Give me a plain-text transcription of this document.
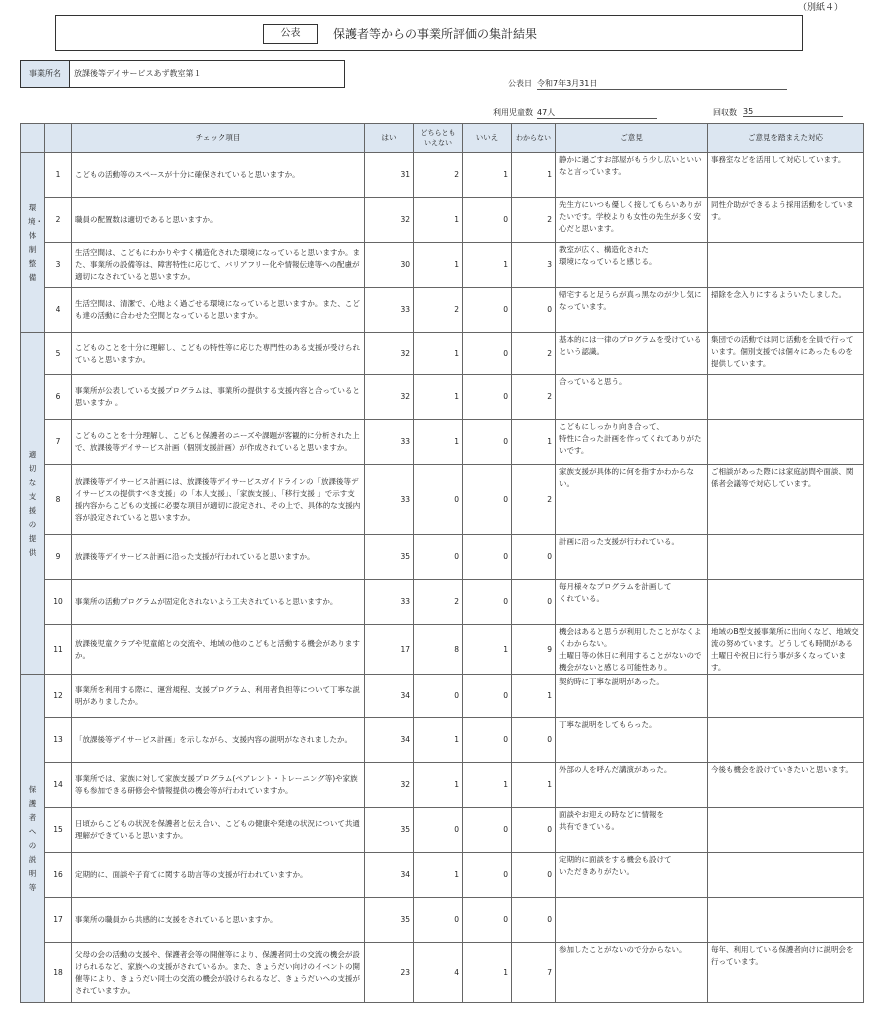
（別紙４）
公表	保護者等からの事業所評価の集計結果
事業所名	放課後等デイサービスあず教室第１
公表日 令和7年3月31日
利用児童数 47人	回収数 35
		チェック項目	はい	どちらとも
いえない	いいえ	わからない	ご意見	ご意見を踏まえた対応
環境・体制整備	1	こどもの活動等のスペースが十分に確保されていると思いますか。	31	2	1	1	静かに過ごすお部屋がもう少し広いといいなと言っています。	事務室などを活用して対応しています。
	2	職員の配置数は適切であると思いますか。	32	1	0	2	先生方にいつも優しく接してもらいありがたいです。学校よりも女性の先生が多く安心だと思います。	同性介助ができるよう採用活動をしています。
	3	生活空間は、こどもにわかりやすく構造化された環境になっていると思いますか。また、事業所の設備等は、障害特性に応じて、バリアフリー化や情報伝達等への配慮が適切になされていると思いますか。	30	1	1	3	教室が広く、構造化された
環境になっていると感じる。	
	4	生活空間は、清潔で、心地よく過ごせる環境になっていると思いますか。また、こども達の活動に合わせた空間となっていると思いますか。	33	2	0	0	帰宅すると足うらが真っ黒なのが少し気になっています。	掃除を念入りにするよういたしました。
適切な支援の提供	5	こどものことを十分に理解し、こどもの特性等に応じた専門性のある支援が受けられていると思いますか。	32	1	0	2	基本的には一律のプログラムを受けているという認識。	集団での活動では同じ活動を全員で行っています。個別支援では個々にあったものを提供しています。
	6	事業所が公表している支援プログラムは、事業所の提供する支援内容と合っていると思いますか 。	32	1	0	2	合っていると思う。	
	7	こどものことを十分理解し、こどもと保護者のニーズや課題が客観的に分析された上で、放課後等デイサービス計画（個別支援計画）が作成されていると思いますか。	33	1	0	1	こどもにしっかり向き合って、
特性に合った計画を作ってくれてありがたいです。	
	8	放課後等デイサービス計画には、放課後等デイサービスガイドラインの「放課後等デイサービスの提供すべき支援」の「本人支援」、「家族支援」、「移行支援 」で示す支援内容からこどもの支援に必要な項目が適切に設定され、その上で、具体的な支援内容が設定されていると思いますか。	33	0	0	2	家族支援が具体的に何を指すかわからない。	ご相談があった際には家庭訪問や面談、関係者会議等で対応しています。
	9	放課後等デイサービス計画に沿った支援が行われていると思いますか。	35	0	0	0	計画に沿った支援が行われている。	
	10	事業所の活動プログラムが固定化されないよう工夫されていると思いますか。	33	2	0	0	毎月様々なプログラムを計画して
くれている。	
	11	放課後児童クラブや児童館との交流や、地域の他のこどもと活動する機会がありますか。	17	8	1	9	機会はあると思うが利用したことがなくよくわからない。
土曜日等の休日に利用することがないので機会がないと感じる可能性あり。	地域のB型支援事業所に出向くなど、地域交流の努めています。どうしても時間がある土曜日や祝日に行う事が多くなっています。
保護者への説明等	12	事業所を利用する際に、運営規程、支援プログラム、利用者負担等について丁寧な説明がありましたか。	34	0	0	1	契約時に丁寧な説明があった。	
	13	「放課後等デイサービス計画」を示しながら、支援内容の説明がなされましたか。	34	1	0	0	丁寧な説明をしてもらった。	
	14	事業所では、家族に対して家族支援プログラム(ペアレント・トレーニング等)や家族等も参加できる研修会や情報提供の機会等が行われていますか。	32	1	1	1	外部の人を呼んだ講演があった。	今後も機会を設けていきたいと思います。
	15	日頃からこどもの状況を保護者と伝え合い、こどもの健康や発達の状況について共通理解ができていると思いますか。	35	0	0	0	面談やお迎えの時などに情報を
共有できている。	
	16	定期的に、面談や子育てに関する助言等の支援が行われていますか。	34	1	0	0	定期的に面談をする機会も設けて
いただきありがたい。	
	17	事業所の職員から共感的に支援をされていると思いますか。	35	0	0	0		
	18	父母の会の活動の支援や、保護者会等の開催等により、保護者同士の交流の機会が設けられるなど、家族への支援がされているか。また、きょうだい向けのイベントの開催等により、きょうだい同士の交流の機会が設けられるなど、きょうだいへの支援がされていますか。	23	4	1	7	参加したことがないので分からない。	毎年、利用している保護者向けに説明会を行っています。
